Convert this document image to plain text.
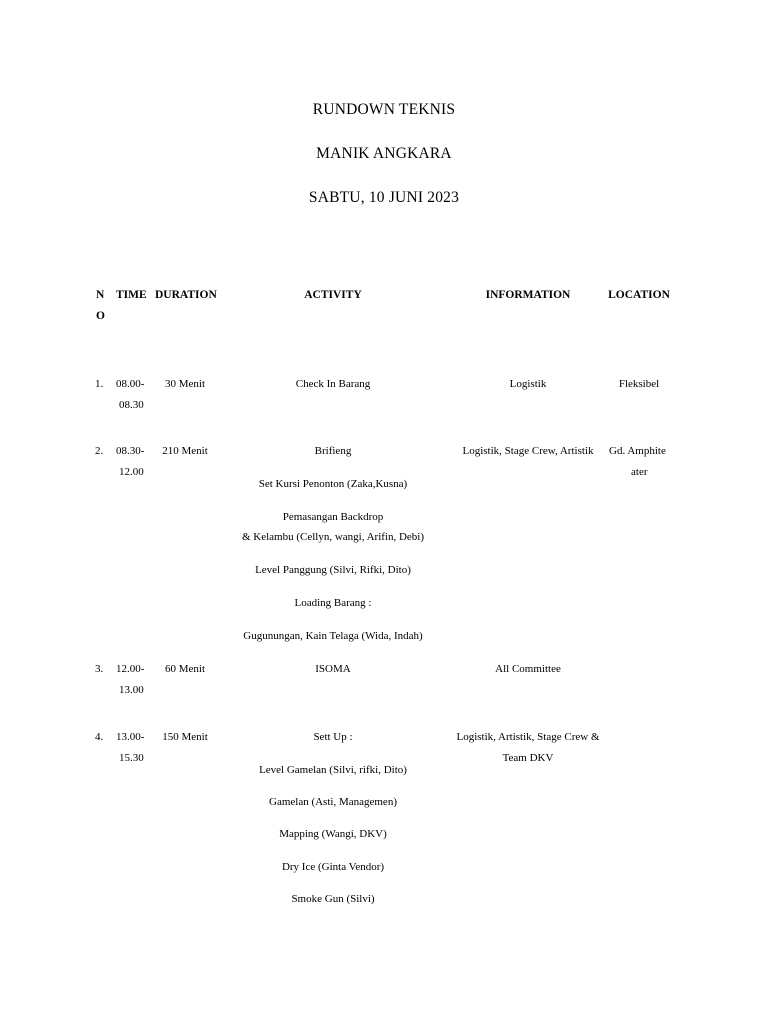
RUNDOWN TEKNIS
MANIK ANGKARA
SABTU, 10 JUNI 2023
N
O
TIME DURATION	ACTIVITY	INFORMATION	LOCATION
1. 08.00-
08.30
30 Menit	Check In Barang	Logistik	Fleksibel
2. 08.30-
12.00
210 Menit	Brifieng
Set Kursi Penonton (Zaka,Kusna)
Pemasangan Backdrop
& Kelambu (Cellyn, wangi, Arifin, Debi)
Level Panggung (Silvi, Rifki, Dito)
Loading Barang :
Gugunungan, Kain Telaga (Wida, Indah)
Logistik, Stage Crew, Artistik	Gd. Amphite
ater
3. 12.00-
13.00
60 Menit	ISOMA	All Committee
4. 13.00-
15.30
150 Menit	Sett Up :
Level Gamelan (Silvi, rifki, Dito)
Gamelan (Asti, Managemen)
Mapping (Wangi, DKV)
Dry Ice (Ginta Vendor)
Smoke Gun (Silvi)
Logistik, Artistik, Stage Crew &
Team DKV
